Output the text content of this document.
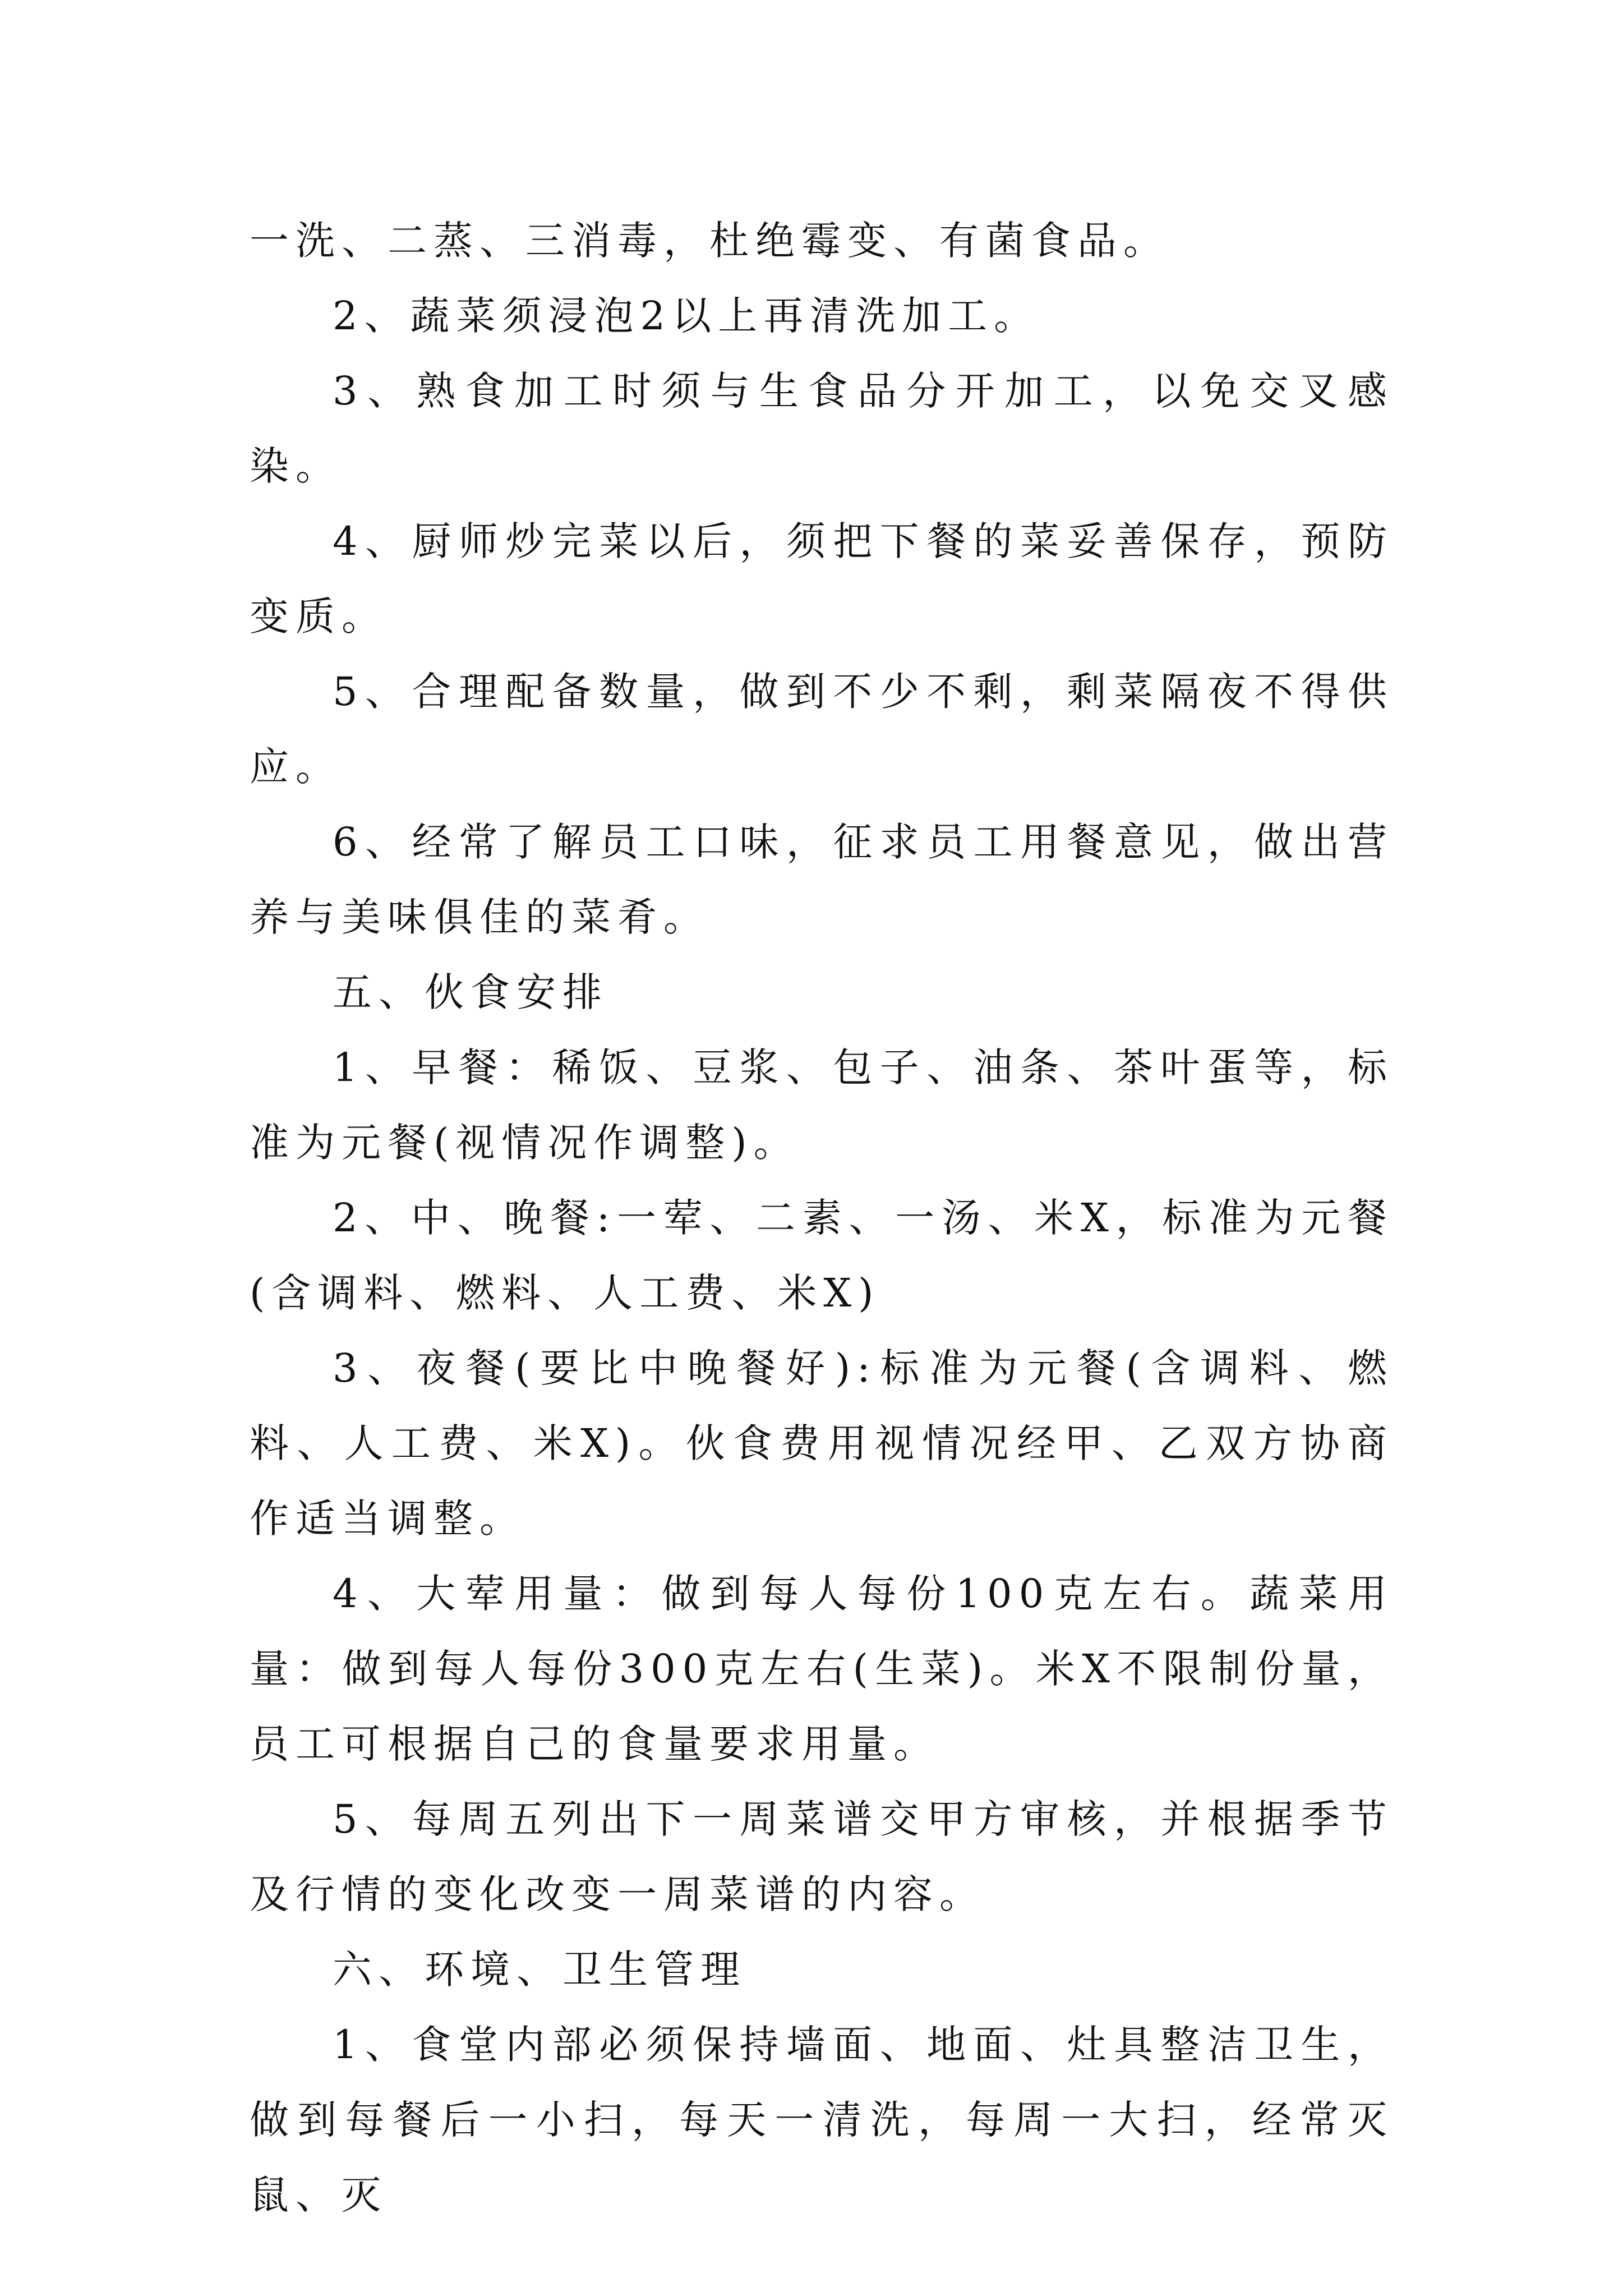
一洗、二蒸、三消毒，杜绝霉变、有菌食品。

2、蔬菜须浸泡2以上再清洗加工。

3、熟食加工时须与生食品分开加工，以免交叉感染。

4、厨师炒完菜以后，须把下餐的菜妥善保存，预防变质。

5、合理配备数量，做到不少不剩，剩菜隔夜不得供应。

6、经常了解员工口味，征求员工用餐意见，做出营养与美味俱佳的菜肴。

五、伙食安排

1、早餐：稀饭、豆浆、包子、油条、茶叶蛋等，标准为元餐(视情况作调整)。

2、中、晚餐:一荤、二素、一汤、米X，标准为元餐(含调料、燃料、人工费、米X)

3、夜餐(要比中晚餐好):标准为元餐(含调料、燃料、人工费、米X)。伙食费用视情况经甲、乙双方协商作适当调整。

4、大荤用量：做到每人每份100克左右。蔬菜用量：做到每人每份300克左右(生菜)。米X不限制份量，员工可根据自己的食量要求用量。

5、每周五列出下一周菜谱交甲方审核，并根据季节及行情的变化改变一周菜谱的内容。

六、环境、卫生管理

1、食堂内部必须保持墙面、地面、灶具整洁卫生，做到每餐后一小扫，每天一清洗，每周一大扫，经常灭鼠、灭
